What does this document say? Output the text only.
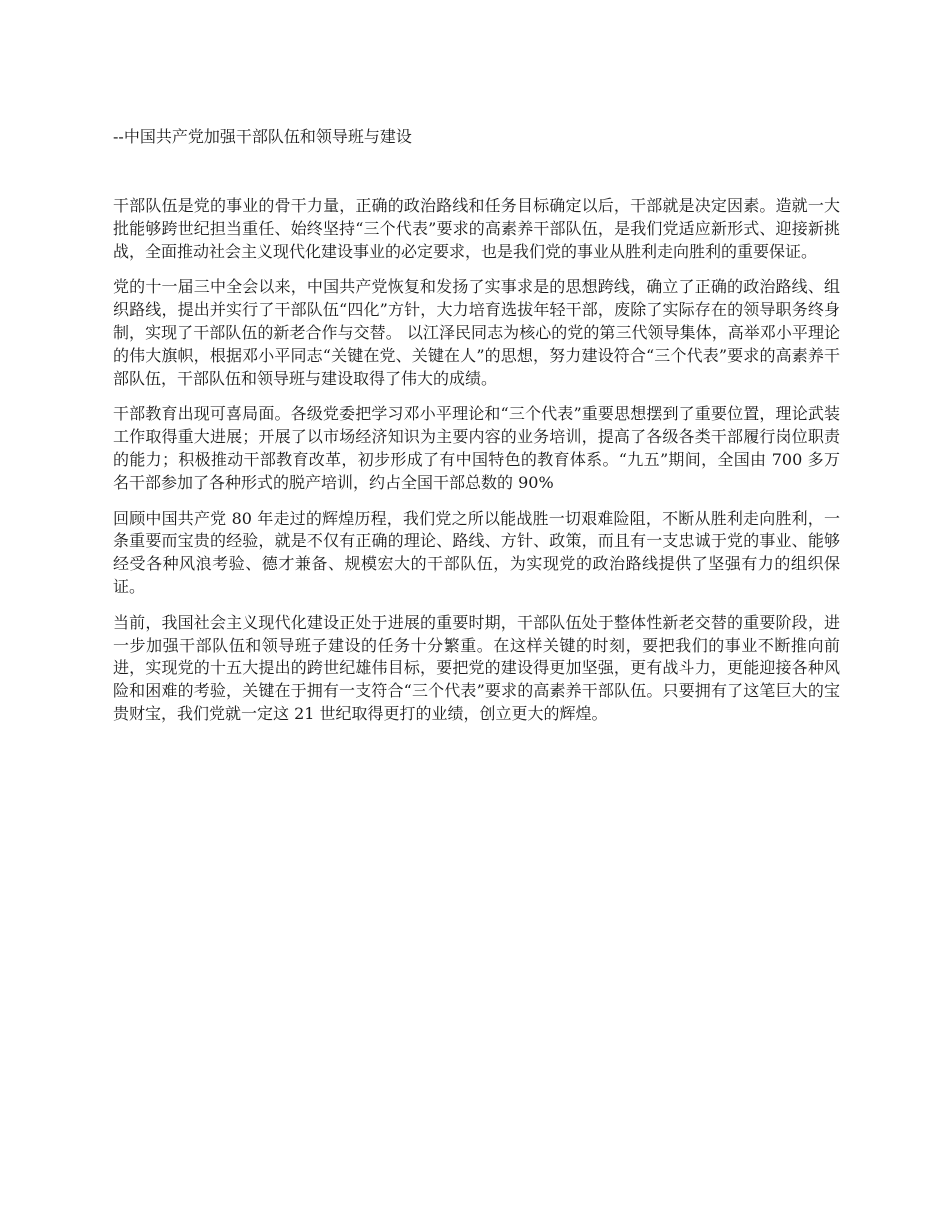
--中国共产党加强干部队伍和领导班与建设

干部队伍是党的事业的骨干力量，正确的政治路线和任务目标确定以后，干部就是决定因素。造就一大批能够跨世纪担当重任、始终坚持“三个代表”要求的高素养干部队伍，是我们党适应新形式、迎接新挑战，全面推动社会主义现代化建设事业的必定要求，也是我们党的事业从胜利走向胜利的重要保证。

党的十一届三中全会以来，中国共产党恢复和发扬了实事求是的思想跨线，确立了正确的政治路线、组织路线，提出并实行了干部队伍“四化”方针，大力培育选拔年轻干部，废除了实际存在的领导职务终身制，实现了干部队伍的新老合作与交替。 以江泽民同志为核心的党的第三代领导集体，高举邓小平理论的伟大旗帜，根据邓小平同志“关键在党、关键在人”的思想，努力建设符合“三个代表”要求的高素养干部队伍，干部队伍和领导班与建设取得了伟大的成绩。

干部教育出现可喜局面。各级党委把学习邓小平理论和“三个代表”重要思想摆到了重要位置，理论武装工作取得重大进展；开展了以市场经济知识为主要内容的业务培训，提高了各级各类干部履行岗位职责的能力；积极推动干部教育改革，初步形成了有中国特色的教育体系。“九五”期间，全国由 700 多万名干部参加了各种形式的脱产培训，约占全国干部总数的 90%

回顾中国共产党 80 年走过的辉煌历程，我们党之所以能战胜一切艰难险阻，不断从胜利走向胜利，一条重要而宝贵的经验，就是不仅有正确的理论、路线、方针、政策，而且有一支忠诚于党的事业、能够经受各种风浪考验、德才兼备、规模宏大的干部队伍，为实现党的政治路线提供了坚强有力的组织保证。

当前，我国社会主义现代化建设正处于进展的重要时期，干部队伍处于整体性新老交替的重要阶段，进一步加强干部队伍和领导班子建设的任务十分繁重。在这样关键的时刻，要把我们的事业不断推向前进，实现党的十五大提出的跨世纪雄伟目标，要把党的建设得更加坚强，更有战斗力，更能迎接各种风险和困难的考验，关键在于拥有一支符合“三个代表”要求的高素养干部队伍。只要拥有了这笔巨大的宝贵财宝，我们党就一定这 21 世纪取得更打的业绩，创立更大的辉煌。
